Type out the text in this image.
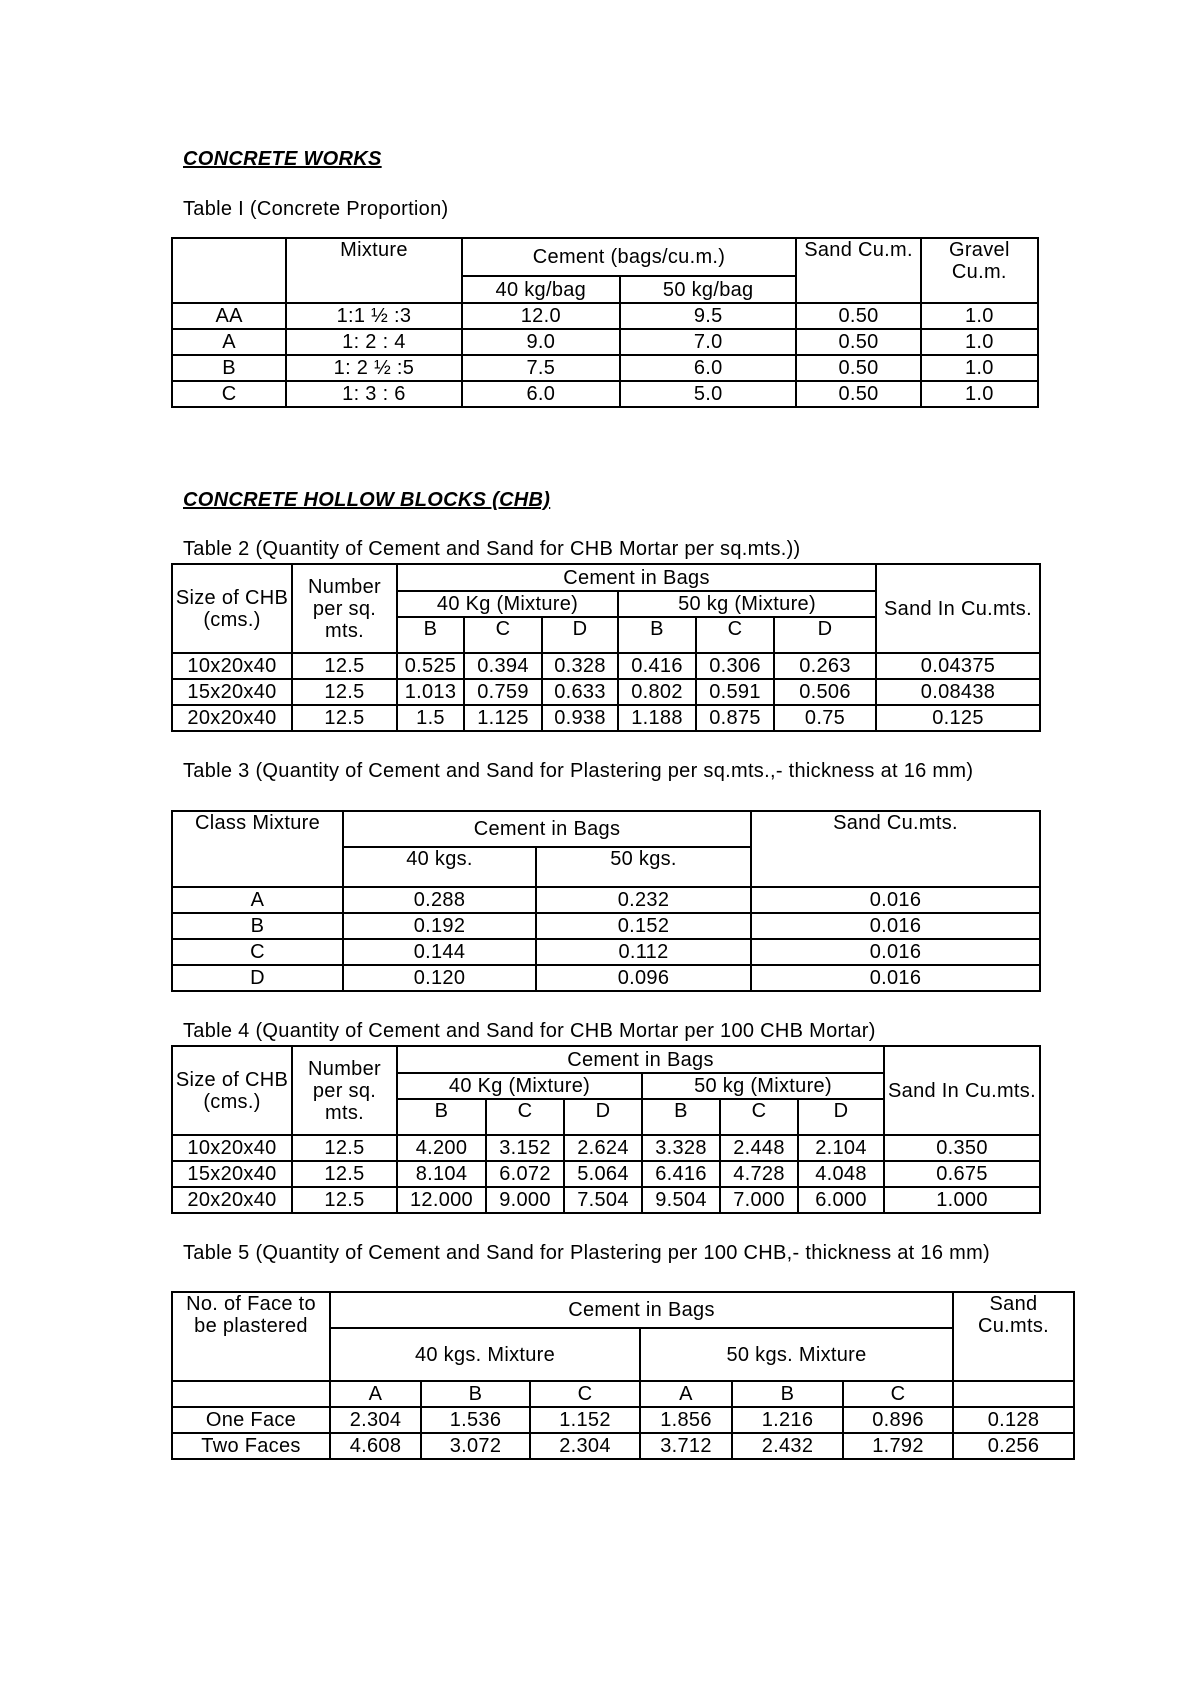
CONCRETE WORKS
Table I (Concrete Proportion)
	Mixture	Cement (bags/cu.m.)		Sand Cu.m.	Gravel Cu.m.
		40 kg/bag	50 kg/bag		
AA	1:1 ½ :3	12.0	9.5	0.50	1.0
A	1: 2 : 4	9.0	7.0	0.50	1.0
B	1: 2 ½ :5	7.5	6.0	0.50	1.0
C	1: 3 : 6	6.0	5.0	0.50	1.0
CONCRETE HOLLOW BLOCKS (CHB)
Table 2 (Quantity of Cement and Sand for CHB Mortar per sq.mts.))
Size of CHB (cms.)	Number per sq. mts.	Cement in Bags						Sand In Cu.mts.
		40 Kg (Mixture)			50 kg (Mixture)			
		B	C	D	B	C	D	
10x20x40	12.5	0.525	0.394	0.328	0.416	0.306	0.263	0.04375
15x20x40	12.5	1.013	0.759	0.633	0.802	0.591	0.506	0.08438
20x20x40	12.5	1.5	1.125	0.938	1.188	0.875	0.75	0.125
Table 3 (Quantity of Cement and Sand for Plastering per sq.mts.,- thickness at 16 mm)
Class Mixture	Cement in Bags		Sand Cu.mts.
	40 kgs.	50 kgs.	
A	0.288	0.232	0.016
B	0.192	0.152	0.016
C	0.144	0.112	0.016
D	0.120	0.096	0.016
Table 4 (Quantity of Cement and Sand for CHB Mortar per 100 CHB Mortar)
Size of CHB (cms.)	Number per sq. mts.	Cement in Bags						Sand In Cu.mts.
		40 Kg (Mixture)			50 kg (Mixture)			
		B	C	D	B	C	D	
10x20x40	12.5	4.200	3.152	2.624	3.328	2.448	2.104	0.350
15x20x40	12.5	8.104	6.072	5.064	6.416	4.728	4.048	0.675
20x20x40	12.5	12.000	9.000	7.504	9.504	7.000	6.000	1.000
Table 5 (Quantity of Cement and Sand for Plastering per 100 CHB,- thickness at 16 mm)
No. of Face to be plastered	Cement in Bags						Sand Cu.mts.
	40 kgs. Mixture			50 kgs. Mixture			
	A	B	C	A	B	C	
One Face	2.304	1.536	1.152	1.856	1.216	0.896	0.128
Two Faces	4.608	3.072	2.304	3.712	2.432	1.792	0.256
